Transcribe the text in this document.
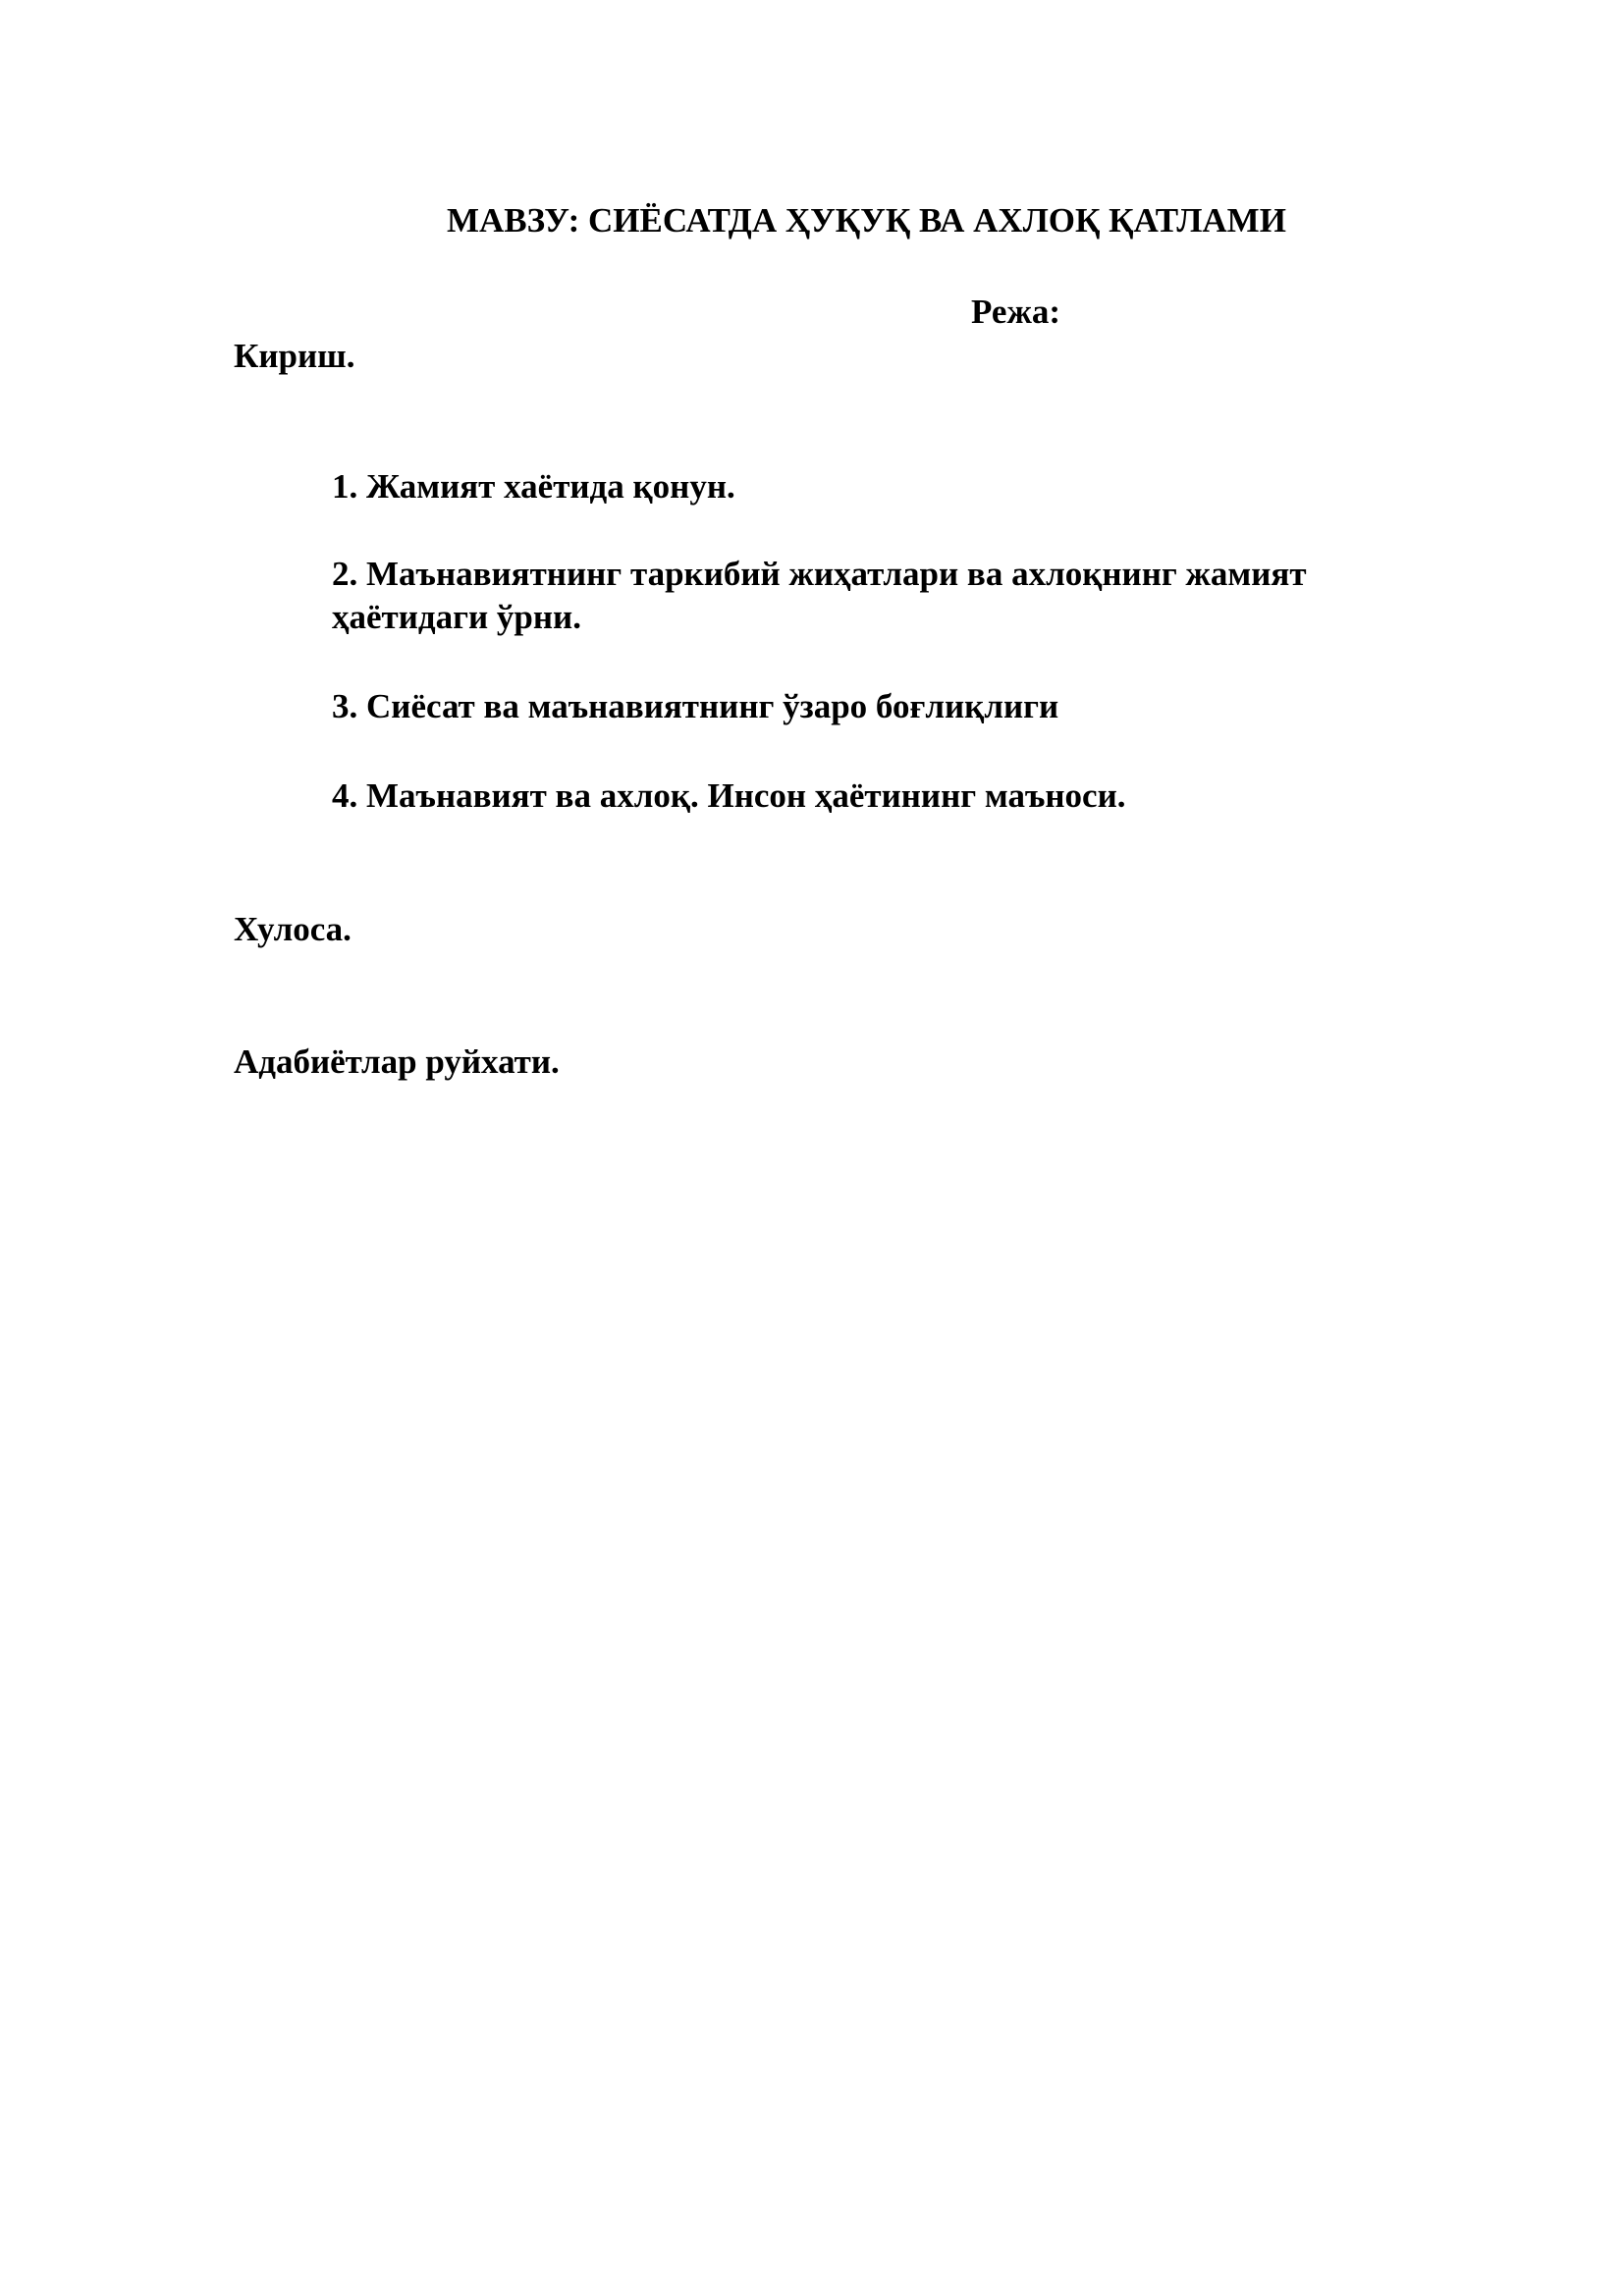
МАВЗУ: СИЁСАТДА ҲУҚУҚ ВА АХЛОҚ ҚАТЛАМИ
Режа:
Кириш.
1. Жамият хаётида қонун.
2. Маънавиятнинг таркибий жиҳатлари ва ахлоқнинг жамият ҳаётидаги ўрни.
3. Сиёсат ва маънавиятнинг ўзаро боғлиқлиги
4. Маънавият ва ахлоқ. Инсон ҳаётининг маъноси.
Хулоса.
Адабиётлар руйхати.
